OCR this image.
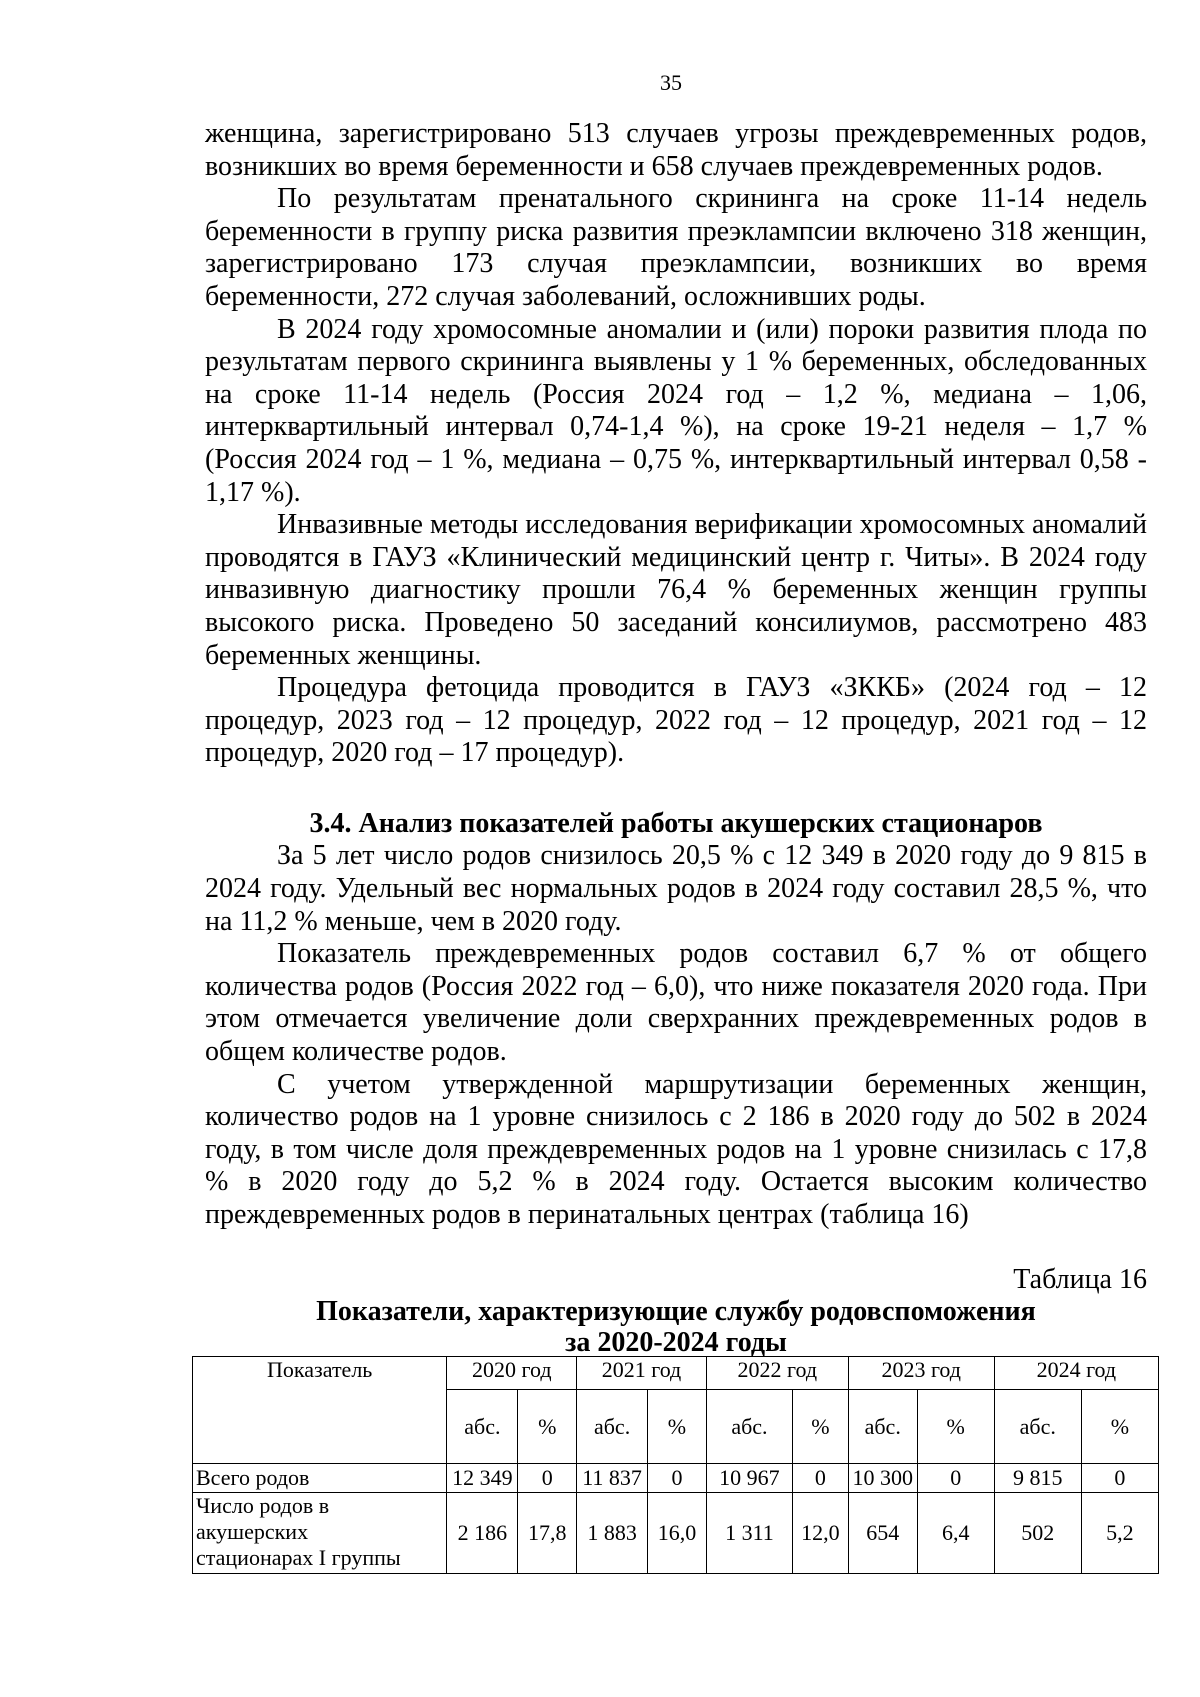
35

женщина, зарегистрировано 513 случаев угрозы преждевременных родов, возникших во время беременности и 658 случаев преждевременных родов.

По результатам пренатального скрининга на сроке 11-14 недель беременности в группу риска развития преэклампсии включено 318 женщин, зарегистрировано 173 случая преэклампсии, возникших во время беременности, 272 случая заболеваний, осложнивших роды.

В 2024 году хромосомные аномалии и (или) пороки развития плода по результатам первого скрининга выявлены у 1 % беременных, обследованных на сроке 11-14 недель (Россия 2024 год – 1,2 %, медиана – 1,06, интерквартильный интервал 0,74-1,4 %), на сроке 19-21 неделя – 1,7 % (Россия 2024 год – 1 %, медиана – 0,75 %, интерквартильный интервал 0,58 - 1,17 %).

Инвазивные методы исследования верификации хромосомных аномалий проводятся в ГАУЗ «Клинический медицинский центр г. Читы». В 2024 году инвазивную диагностику прошли 76,4 % беременных женщин группы высокого риска. Проведено 50 заседаний консилиумов, рассмотрено 483 беременных женщины.

Процедура фетоцида проводится в ГАУЗ «ЗККБ» (2024 год – 12 процедур, 2023 год – 12 процедур, 2022 год – 12 процедур, 2021 год – 12 процедур, 2020 год – 17 процедур).

3.4. Анализ показателей работы акушерских стационаров

За 5 лет число родов снизилось 20,5 % с 12 349 в 2020 году до 9 815 в 2024 году. Удельный вес нормальных родов в 2024 году составил 28,5 %, что на 11,2 % меньше, чем в 2020 году.

Показатель преждевременных родов составил 6,7 % от общего количества родов (Россия 2022 год – 6,0), что ниже показателя 2020 года. При этом отмечается увеличение доли сверхранних преждевременных родов в общем количестве родов.

С учетом утвержденной маршрутизации беременных женщин, количество родов на 1 уровне снизилось с 2 186 в 2020 году до 502 в 2024 году, в том числе доля преждевременных родов на 1 уровне снизилась с 17,8 % в 2020 году до 5,2 % в 2024 году. Остается высоким количество преждевременных родов в перинатальных центрах (таблица 16)

Таблица 16

Показатели, характеризующие службу родовспоможения

за 2020-2024 годы

Показатель	2020 год		2021 год		2022 год		2023 год		2024 год	
	абс.	%	абс.	%	абс.	%	абс.	%	абс.	%
Всего родов	12 349	0	11 837	0	10 967	0	10 300	0	9 815	0

Число родов в
акушерских
стационарах I группы	2 186	17,8	1 883	16,0	1 311	12,0	654	6,4	502	5,2
